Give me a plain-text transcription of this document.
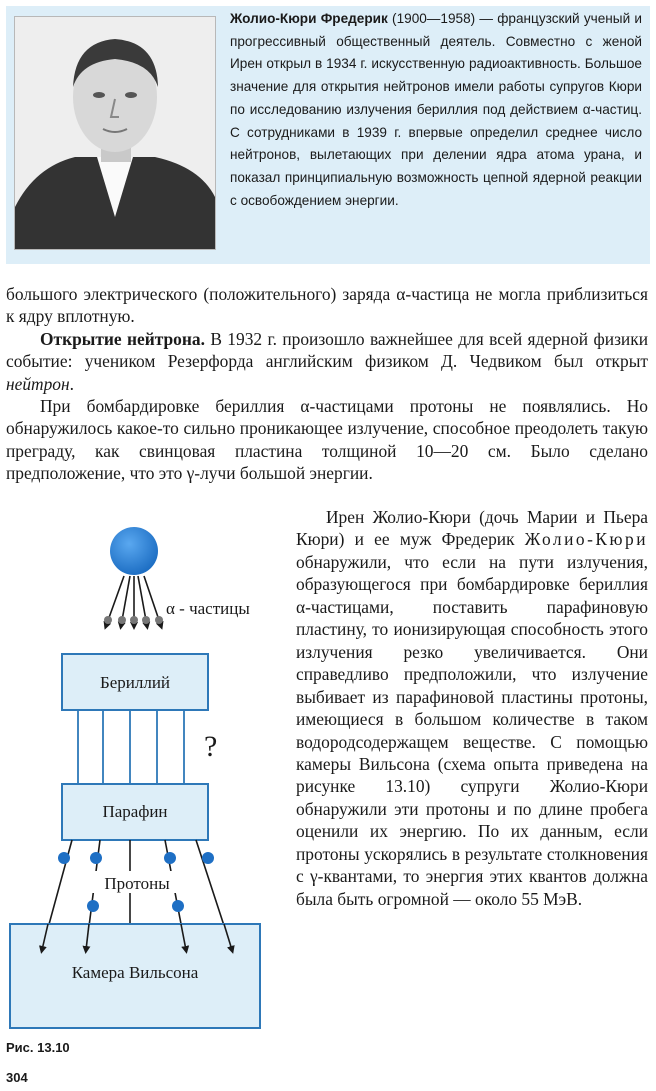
Жолио-Кюри Фредерик (1900—1958) — французский ученый и прогрессивный общественный деятель. Совместно с женой Ирен открыл в 1934 г. искусственную радиоактивность. Большое значение для открытия нейтронов имели работы супругов Кюри по исследованию излучения бериллия под действием α-частиц. С сотрудниками в 1939 г. впервые определил среднее число нейтронов, вылетающих при делении ядра атома урана, и показал принципиальную возможность цепной ядерной реакции с освобождением энергии.

большого электрического (положительного) заряда α-частица не могла приблизиться к ядру вплотную.

Открытие нейтрона. В 1932 г. произошло важнейшее для всей ядерной физики событие: учеником Резерфорда английским физиком Д. Чедвиком был открыт нейтрон.

При бомбардировке бериллия α-частицами протоны не появлялись. Но обнаружилось какое-то сильно проникающее излучение, способное преодолеть такую преграду, как свинцовая пластина толщиной 10—20 см. Было сделано предположение, что это γ-лучи большой энергии.

α - частицы
Бериллий
?
Парафин
Протоны
Камера Вильсона
Рис. 13.10

Ирен Жолио-Кюри (дочь Марии и Пьера Кюри) и ее муж Фредерик Жолио-Кюри обнаружили, что если на пути излучения, образующегося при бомбардировке бериллия α-частицами, поставить парафиновую пластину, то ионизирующая способность этого излучения резко увеличивается. Они справедливо предположили, что излучение выбивает из парафиновой пластины протоны, имеющиеся в большом количестве в таком водородсодержащем веществе. С помощью камеры Вильсона (схема опыта приведена на рисунке 13.10) супруги Жолио-Кюри обнаружили эти протоны и по длине пробега оценили их энергию. По их данным, если протоны ускорялись в результате столкновения с γ-квантами, то энергия этих квантов должна была быть огромной — около 55 МэВ.

304
